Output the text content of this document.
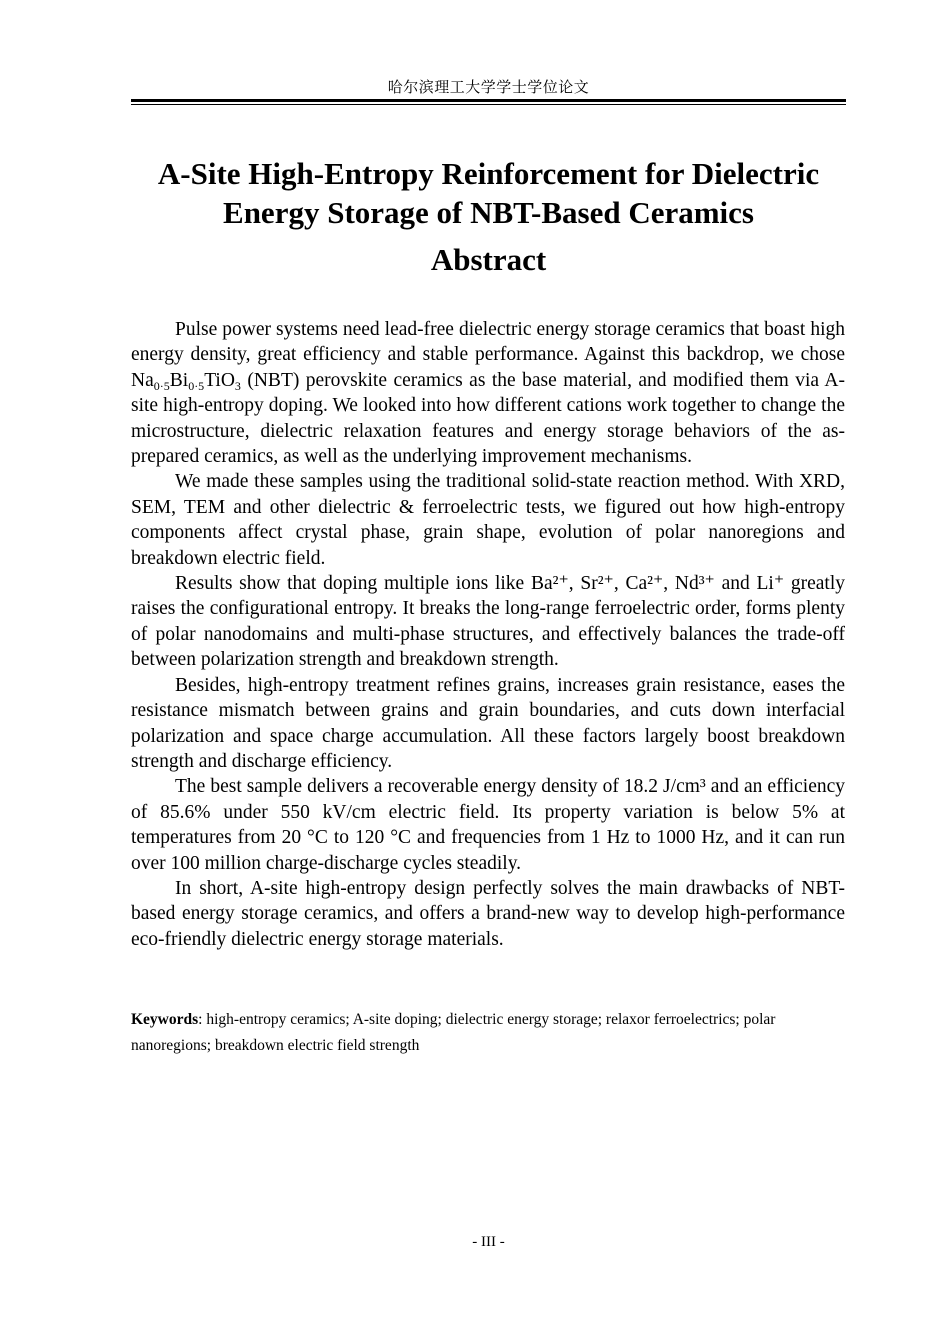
哈尔滨理工大学学士学位论文
A-Site High-Entropy Reinforcement for Dielectric
Energy Storage of NBT-Based Ceramics
Abstract

Pulse power systems need lead-free dielectric energy storage ceramics that boast high energy density, great efficiency and stable performance. Against this backdrop, we chose $Na_{0\cdot 5}Bi_{0\cdot 5}TiO_3$ (NBT) perovskite ceramics as the base material, and modified them via A-site high-entropy doping. We looked into how different cations work together to change the microstructure, dielectric relaxation features and energy storage behaviors of the as-prepared ceramics, as well as the underlying improvement mechanisms.

We made these samples using the traditional solid-state reaction method. With XRD, SEM, TEM and other dielectric & ferroelectric tests, we figured out how high-entropy components affect crystal phase, grain shape, evolution of polar nanoregions and breakdown electric field.

Results show that doping multiple ions like Ba²⁺, Sr²⁺, Ca²⁺, Nd³⁺ and Li⁺ greatly raises the configurational entropy. It breaks the long-range ferroelectric order, forms plenty of polar nanodomains and multi-phase structures, and effectively balances the trade-off between polarization strength and breakdown strength.

Besides, high-entropy treatment refines grains, increases grain resistance, eases the resistance mismatch between grains and grain boundaries, and cuts down interfacial polarization and space charge accumulation. All these factors largely boost breakdown strength and discharge efficiency.

The best sample delivers a recoverable energy density of 18.2 J/cm³ and an efficiency of 85.6% under 550 kV/cm electric field. Its property variation is below 5% at temperatures from 20 °C to 120 °C and frequencies from 1 Hz to 1000 Hz, and it can run over 100 million charge-discharge cycles steadily.

In short, A-site high-entropy design perfectly solves the main drawbacks of NBT-based energy storage ceramics, and offers a brand-new way to develop high-performance eco-friendly dielectric energy storage materials.

Keywords: high-entropy ceramics; A-site doping; dielectric energy storage; relaxor ferroelectrics; polar nanoregions; breakdown electric field strength
- III -
